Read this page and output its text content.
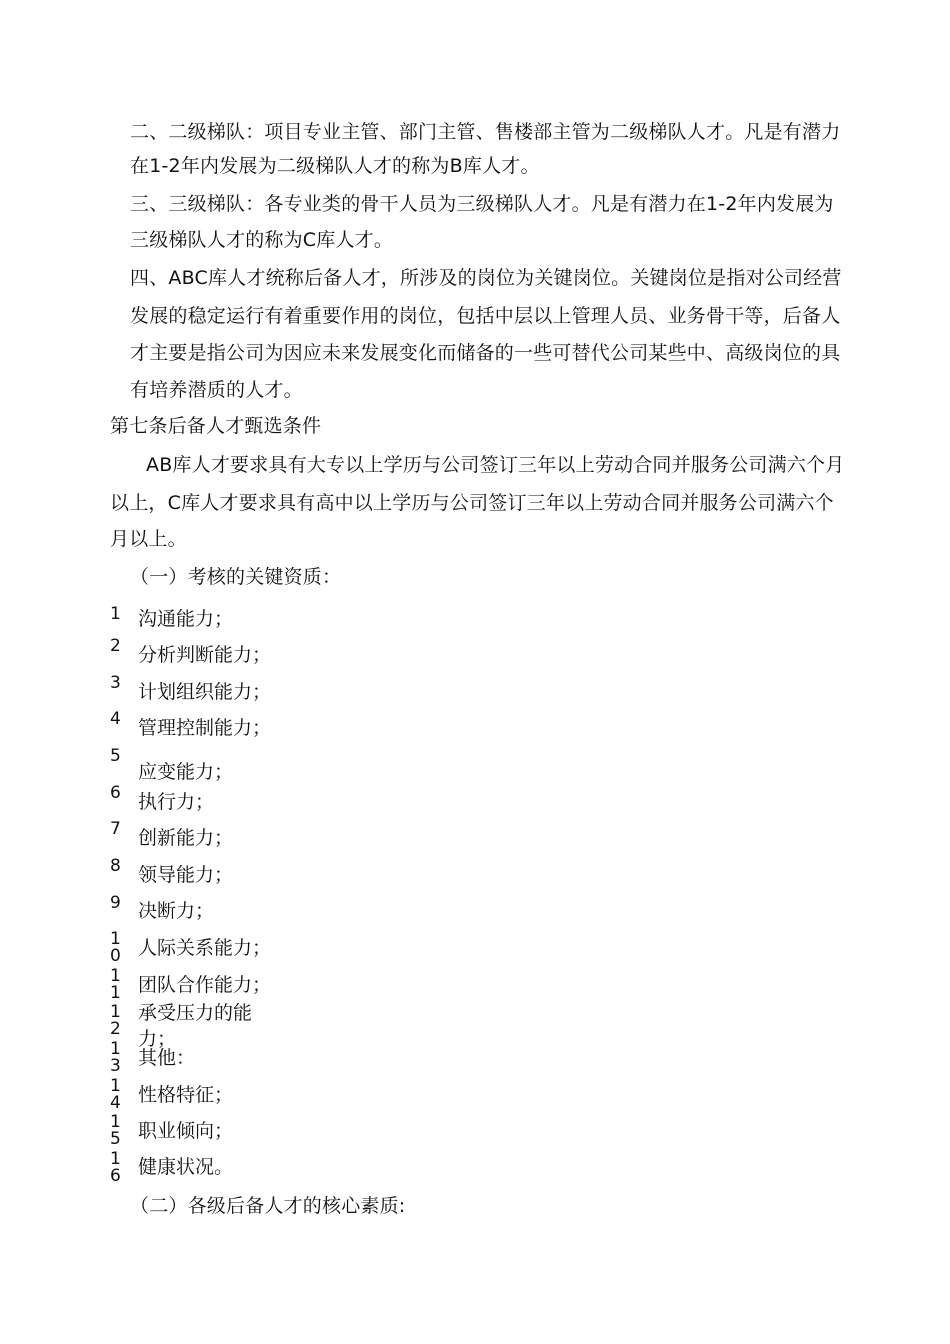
二、二级梯队：项目专业主管、部门主管、售楼部主管为二级梯队人才。凡是有潜力
在1-2年内发展为二级梯队人才的称为B库人才。
三、三级梯队：各专业类的骨干人员为三级梯队人才。凡是有潜力在1-2年内发展为
三级梯队人才的称为C库人才。
四、ABC库人才统称后备人才，所涉及的岗位为关键岗位。关键岗位是指对公司经营
发展的稳定运行有着重要作用的岗位，包括中层以上管理人员、业务骨干等，后备人
才主要是指公司为因应未来发展变化而储备的一些可替代公司某些中、高级岗位的具
有培养潜质的人才。
第七条后备人才甄选条件
AB库人才要求具有大专以上学历与公司签订三年以上劳动合同并服务公司满六个月
以上，C库人才要求具有高中以上学历与公司签订三年以上劳动合同并服务公司满六个
月以上。
（一）考核的关键资质：
1 沟通能力；
2 分析判断能力；
3 计划组织能力；
4 管理控制能力；
5
应变能力；
6 执行力；
7 创新能力；
8 领导能力；
9 决断力；
10 人际关系能力；
11 团队合作能力；
12
承受压力的能力；
13 其他：
14 性格特征；
15 职业倾向；
16 健康状况。
（二）各级后备人才的核心素质:
